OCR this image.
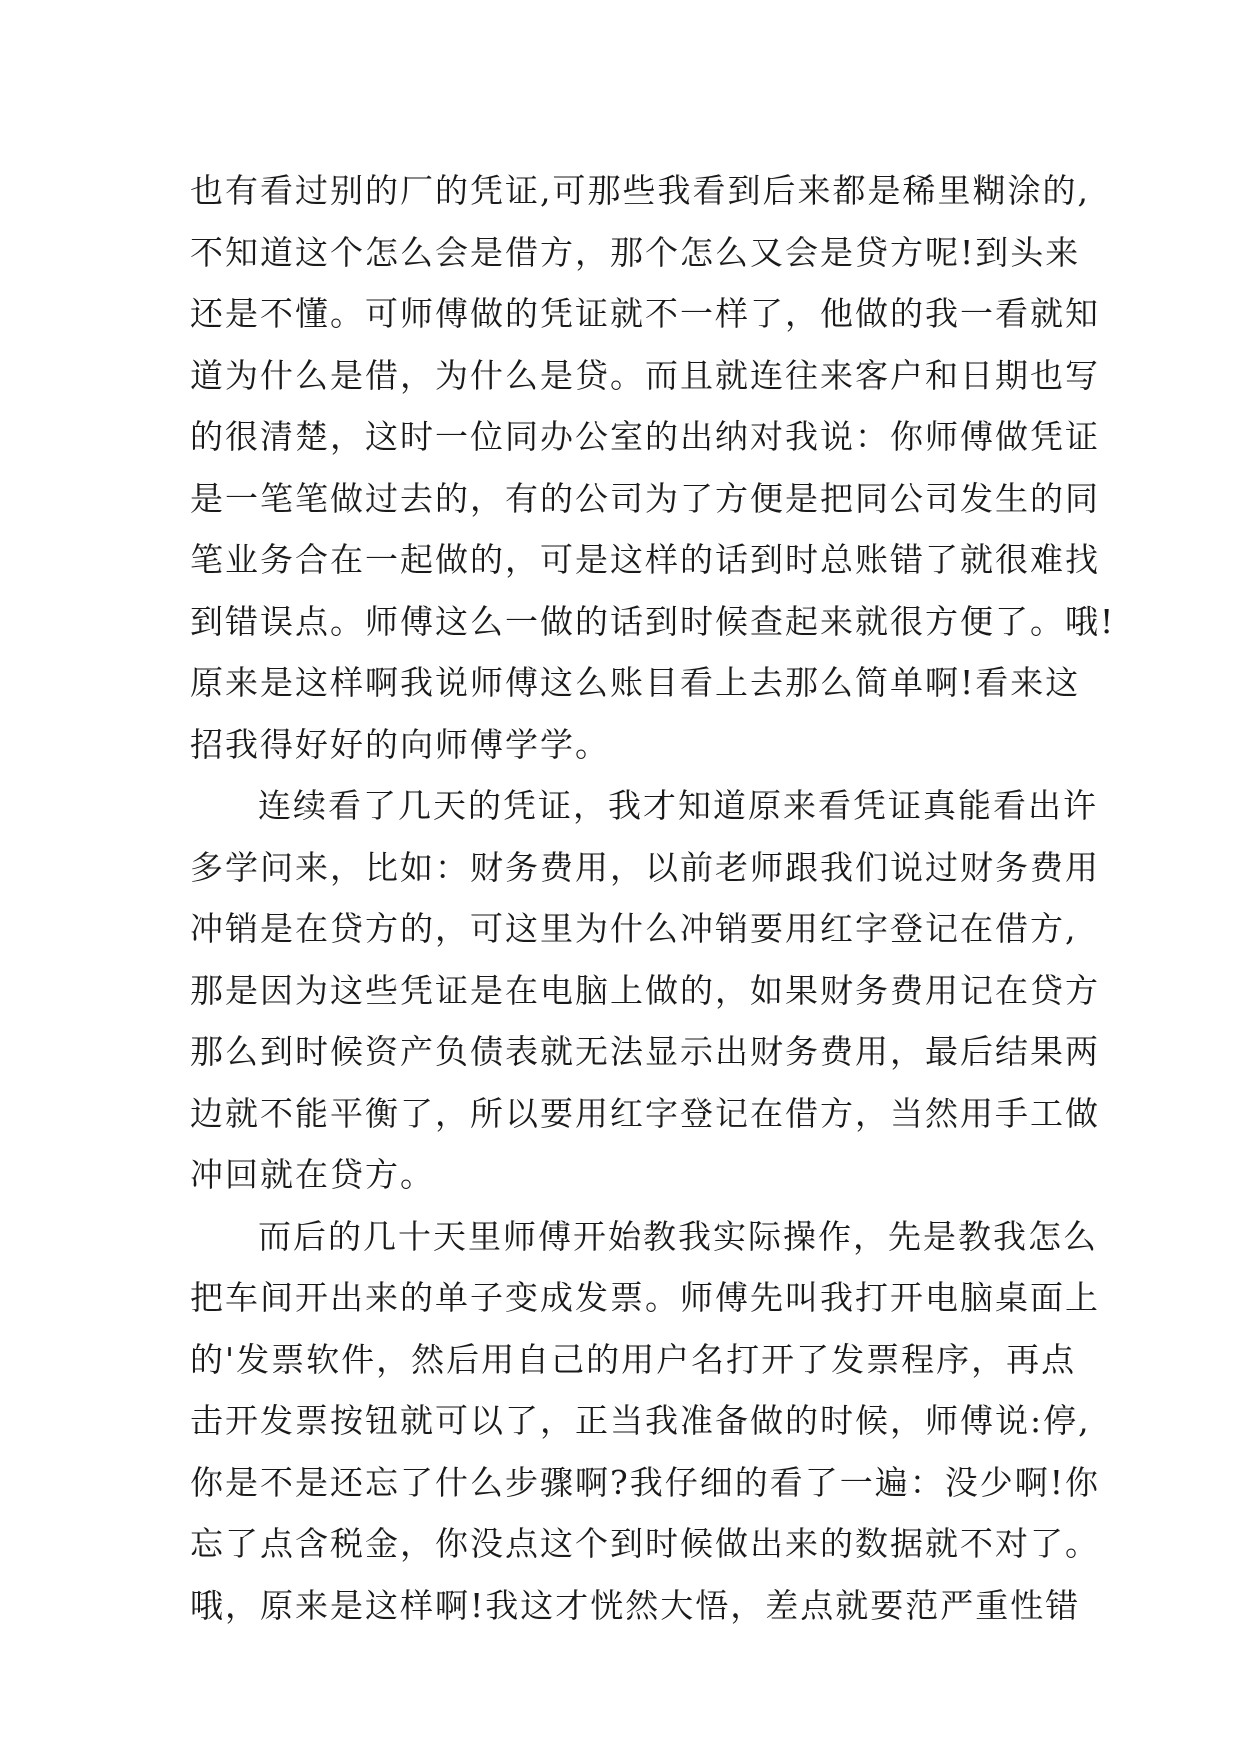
也有看过别的厂的凭证,可那些我看到后来都是稀里糊涂的,
不知道这个怎么会是借方，那个怎么又会是贷方呢!到头来
还是不懂。可师傅做的凭证就不一样了，他做的我一看就知
道为什么是借，为什么是贷。而且就连往来客户和日期也写
的很清楚，这时一位同办公室的出纳对我说：你师傅做凭证
是一笔笔做过去的，有的公司为了方便是把同公司发生的同
笔业务合在一起做的，可是这样的话到时总账错了就很难找
到错误点。师傅这么一做的话到时候查起来就很方便了。哦!
原来是这样啊我说师傅这么账目看上去那么简单啊!看来这
招我得好好的向师傅学学。
连续看了几天的凭证，我才知道原来看凭证真能看出许
多学问来，比如：财务费用，以前老师跟我们说过财务费用
冲销是在贷方的，可这里为什么冲销要用红字登记在借方,
那是因为这些凭证是在电脑上做的，如果财务费用记在贷方
那么到时候资产负债表就无法显示出财务费用，最后结果两
边就不能平衡了，所以要用红字登记在借方，当然用手工做
冲回就在贷方。
而后的几十天里师傅开始教我实际操作，先是教我怎么
把车间开出来的单子变成发票。师傅先叫我打开电脑桌面上
的'发票软件，然后用自己的用户名打开了发票程序，再点
击开发票按钮就可以了，正当我准备做的时候，师傅说:停,
你是不是还忘了什么步骤啊?我仔细的看了一遍：没少啊!你
忘了点含税金，你没点这个到时候做出来的数据就不对了。
哦，原来是这样啊!我这才恍然大悟，差点就要范严重性错
